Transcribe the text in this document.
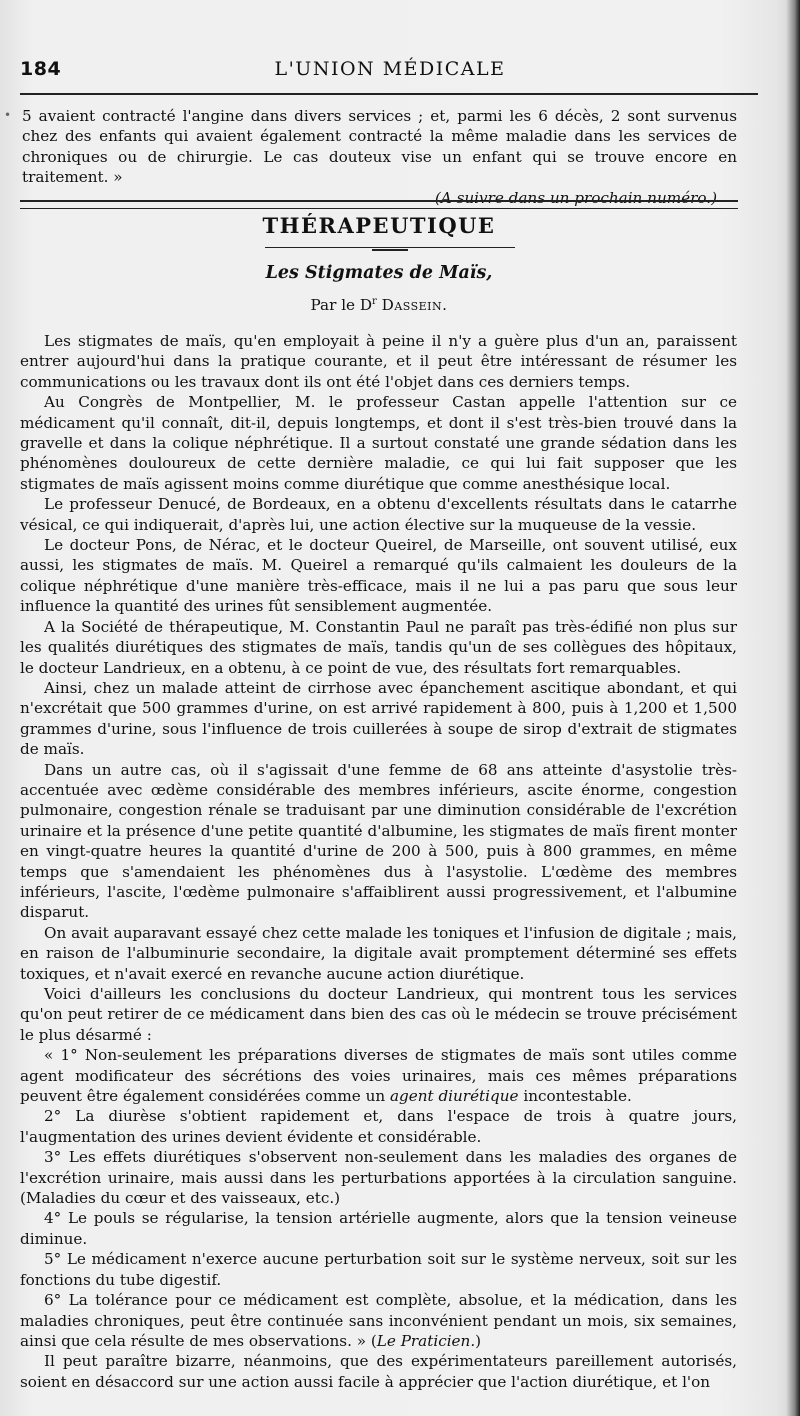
184	L'UNION MÉDICALE
• 5 avaient contracté l'angine dans divers services ; et, parmi les 6 décès, 2 sont survenus chez des enfants qui avaient également contracté la même maladie dans les services de chroniques ou de chirurgie. Le cas douteux vise un enfant qui se trouve encore en traitement. »

(A suivre dans un prochain numéro.)

THÉRAPEUTIQUE
Les Stigmates de Maïs,
Par le $D^r$ Dassein.

Les stigmates de maïs, qu'en employait à peine il n'y a guère plus d'un an, paraissent entrer aujourd'hui dans la pratique courante, et il peut être intéressant de résumer les communications ou les travaux dont ils ont été l'objet dans ces derniers temps.

Au Congrès de Montpellier, M. le professeur Castan appelle l'attention sur ce médicament qu'il connaît, dit-il, depuis longtemps, et dont il s'est très-bien trouvé dans la gravelle et dans la colique néphrétique. Il a surtout constaté une grande sédation dans les phénomènes douloureux de cette dernière maladie, ce qui lui fait supposer que les stigmates de maïs agissent moins comme diurétique que comme anesthésique local.

Le professeur Denucé, de Bordeaux, en a obtenu d'excellents résultats dans le catarrhe vésical, ce qui indiquerait, d'après lui, une action élective sur la muqueuse de la vessie.

Le docteur Pons, de Nérac, et le docteur Queirel, de Marseille, ont souvent utilisé, eux aussi, les stigmates de maïs. M. Queirel a remarqué qu'ils calmaient les douleurs de la colique néphrétique d'une manière très-efficace, mais il ne lui a pas paru que sous leur influence la quantité des urines fût sensiblement augmentée.

A la Société de thérapeutique, M. Constantin Paul ne paraît pas très-édifié non plus sur les qualités diurétiques des stigmates de maïs, tandis qu'un de ses collègues des hôpitaux, le docteur Landrieux, en a obtenu, à ce point de vue, des résultats fort remarquables.

Ainsi, chez un malade atteint de cirrhose avec épanchement ascitique abondant, et qui n'excrétait que 500 grammes d'urine, on est arrivé rapidement à 800, puis à 1,200 et 1,500 grammes d'urine, sous l'influence de trois cuillerées à soupe de sirop d'extrait de stigmates de maïs.

Dans un autre cas, où il s'agissait d'une femme de 68 ans atteinte d'asystolie très-accentuée avec œdème considérable des membres inférieurs, ascite énorme, congestion pulmonaire, congestion rénale se traduisant par une diminution considérable de l'excrétion urinaire et la présence d'une petite quantité d'albumine, les stigmates de maïs firent monter en vingt-quatre heures la quantité d'urine de 200 à 500, puis à 800 grammes, en même temps que s'amendaient les phénomènes dus à l'asystolie. L'œdème des membres inférieurs, l'ascite, l'œdème pulmonaire s'affaiblirent aussi progressivement, et l'albumine disparut.

On avait auparavant essayé chez cette malade les toniques et l'infusion de digitale ; mais, en raison de l'albuminurie secondaire, la digitale avait promptement déterminé ses effets toxiques, et n'avait exercé en revanche aucune action diurétique.

Voici d'ailleurs les conclusions du docteur Landrieux, qui montrent tous les services qu'on peut retirer de ce médicament dans bien des cas où le médecin se trouve précisément le plus désarmé :

« 1° Non-seulement les préparations diverses de stigmates de maïs sont utiles comme agent modificateur des sécrétions des voies urinaires, mais ces mêmes préparations peuvent être également considérées comme un agent diurétique incontestable.

2° La diurèse s'obtient rapidement et, dans l'espace de trois à quatre jours, l'augmentation des urines devient évidente et considérable.

3° Les effets diurétiques s'observent non-seulement dans les maladies des organes de l'excrétion urinaire, mais aussi dans les perturbations apportées à la circulation sanguine. (Maladies du cœur et des vaisseaux, etc.)

4° Le pouls se régularise, la tension artérielle augmente, alors que la tension veineuse diminue.

5° Le médicament n'exerce aucune perturbation soit sur le système nerveux, soit sur les fonctions du tube digestif.

6° La tolérance pour ce médicament est complète, absolue, et la médication, dans les maladies chroniques, peut être continuée sans inconvénient pendant un mois, six semaines, ainsi que cela résulte de mes observations. » (Le Praticien.)

Il peut paraître bizarre, néanmoins, que des expérimentateurs pareillement autorisés, soient en désaccord sur une action aussi facile à apprécier que l'action diurétique, et l'on
